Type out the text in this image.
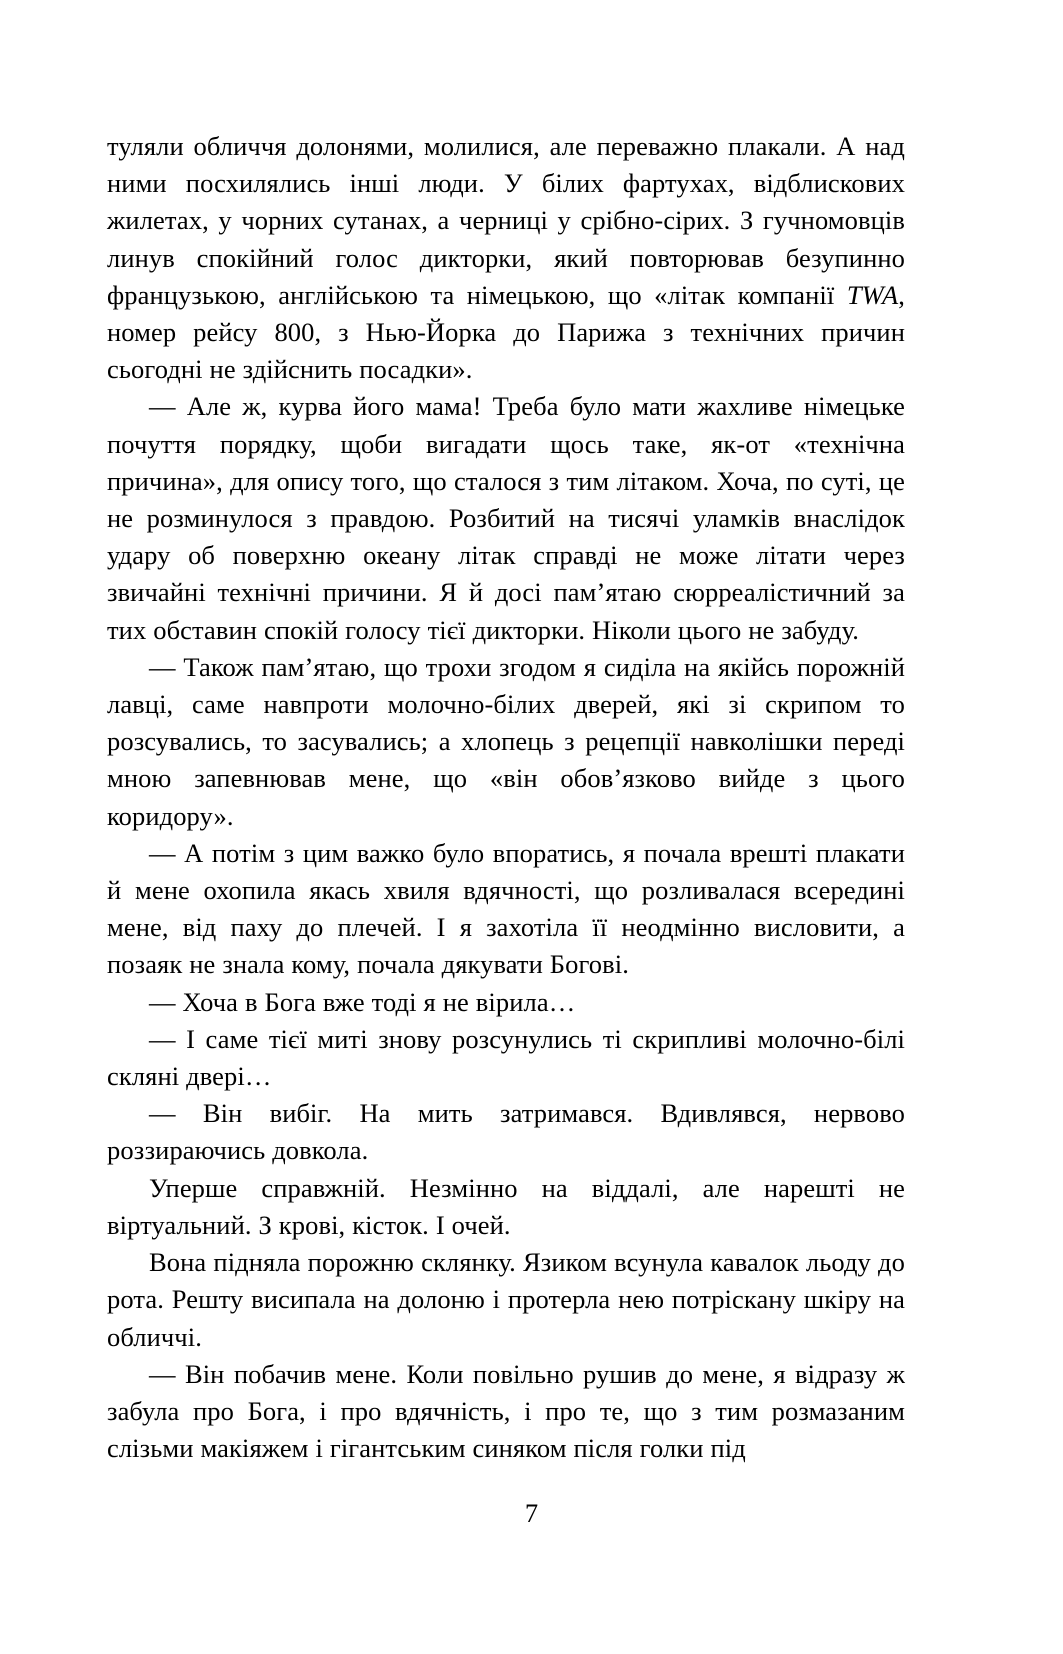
туляли обличчя долонями, молилися, але переважно плакали. А над ними посхилялись інші люди. У білих фартухах, відблискових жилетах, у чорних сутанах, а черниці у срібно-сірих. З гучномовців линув спокійний голос дикторки, який повторював безупинно французькою, англійською та німецькою, що «літак компанії TWA, номер рейсу 800, з Нью-Йорка до Парижа з технічних причин сьогодні не здійснить посадки».

— Але ж, курва його мама! Треба було мати жахливе німецьке почуття порядку, щоби вигадати щось таке, як-от «технічна причина», для опису того, що сталося з тим літаком. Хоча, по суті, це не розминулося з правдою. Розбитий на тисячі уламків внаслідок удару об поверхню океану літак справді не може літати через звичайні технічні причини. Я й досі пам’ятаю сюрреалістичний за тих обставин спокій голосу тієї дикторки. Ніколи цього не забуду.

— Також пам’ятаю, що трохи згодом я сиділа на якійсь порожній лавці, саме навпроти молочно-білих дверей, які зі скрипом то розсувались, то засувались; а хлопець з рецепції навколішки переді мною запевнював мене, що «він обов’язково вийде з цього коридору».

— А потім з цим важко було впоратись, я почала врешті плакати й мене охопила якась хвиля вдячності, що розливалася всередині мене, від паху до плечей. І я захотіла її неодмінно висловити, а позаяк не знала кому, почала дякувати Богові.

— Хоча в Бога вже тоді я не вірила…

— І саме тієї миті знову розсунулись ті скрипливі молочно-білі скляні двері…

— Він вибіг. На мить затримався. Вдивлявся, нервово роззираючись довкола.

Уперше справжній. Незмінно на віддалі, але нарешті не віртуальний. З крові, кісток. І очей.

Вона підняла порожню склянку. Язиком всунула кавалок льоду до рота. Решту висипала на долоню і протерла нею потріскану шкіру на обличчі.

— Він побачив мене. Коли повільно рушив до мене, я відразу ж забула про Бога, і про вдячність, і про те, що з тим розмазаним слізьми макіяжем і гігантським синяком після голки під

7
